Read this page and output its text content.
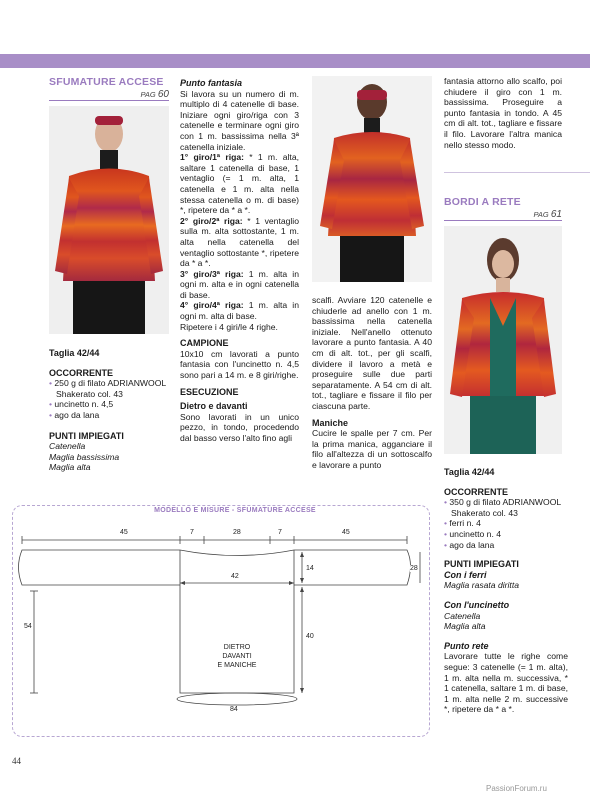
SFUMATURE ACCESE
PAG 60

Taglia 42/44

OCCORRENTE

• 250 g di filato ADRIANWOOL Shakerato col. 43

• uncinetto n. 4,5

• ago da lana

PUNTI IMPIEGATI

Catenella

Maglia bassissima

Maglia alta

Punto fantasia

Si lavora su un numero di m. multiplo di 4 catenelle di base. Iniziare ogni giro/riga con 3 catenelle e terminare ogni giro con 1 m. bassissima nella 3ª catenella iniziale.

1° giro/1ª riga: * 1 m. alta, saltare 1 catenella di base, 1 ventaglio (= 1 m. alta, 1 catenella e 1 m. alta nella stessa catenella o m. di base) *, ripetere da * a *.

2° giro/2ª riga: * 1 ventaglio sulla m. alta sottostante, 1 m. alta nella catenella del ventaglio sottostante *, ripetere da * a *.

3° giro/3ª riga: 1 m. alta in ogni m. alta e in ogni catenella di base.

4° giro/4ª riga: 1 m. alta in ogni m. alta di base.

Ripetere i 4 giri/le 4 righe.

CAMPIONE

10x10 cm lavorati a punto fantasia con l'uncinetto n. 4,5 sono pari a 14 m. e 8 giri/righe.

ESECUZIONE

Dietro e davanti

Sono lavorati in un unico pezzo, in tondo, procedendo dal basso verso l'alto fino agli

scalfi. Avviare 120 catenelle e chiuderle ad anello con 1 m. bassissima nella catenella iniziale. Nell'anello ottenuto lavorare a punto fantasia. A 40 cm di alt. tot., per gli scalfi, dividere il lavoro a metà e proseguire sulle due parti separatamente. A 54 cm di alt. tot., tagliare e fissare il filo per ciascuna parte.

Maniche

Cucire le spalle per 7 cm. Per la prima manica, agganciare il filo all'altezza di un sottoscalfo e lavorare a punto

fantasia attorno allo scalfo, poi chiudere il giro con 1 m. bassissima. Proseguire a punto fantasia in tondo. A 45 cm di alt. tot., tagliare e fissare il filo. Lavorare l'altra manica nello stesso modo.

BORDI A RETE
PAG 61

Taglia 42/44

OCCORRENTE

• 350 g di filato ADRIANWOOL Shakerato col. 43

• ferri n. 4

• uncinetto n. 4

• ago da lana

PUNTI IMPIEGATI

Con i ferri

Maglia rasata diritta

Con l'uncinetto

Catenella

Maglia alta

Punto rete

Lavorare tutte le righe come segue: 3 catenelle (= 1 m. alta), 1 m. alta nella m. successiva, * 1 catenella, saltare 1 m. di base, 1 m. alta nelle 2 m. successive *, ripetere da * a *.

MODELLO E MISURE - SFUMATURE ACCESE
45	7	28	7	45
42
14	28
54
40
84
DIETRO
DAVANTI
E MANICHE
44
PassionForum.ru
